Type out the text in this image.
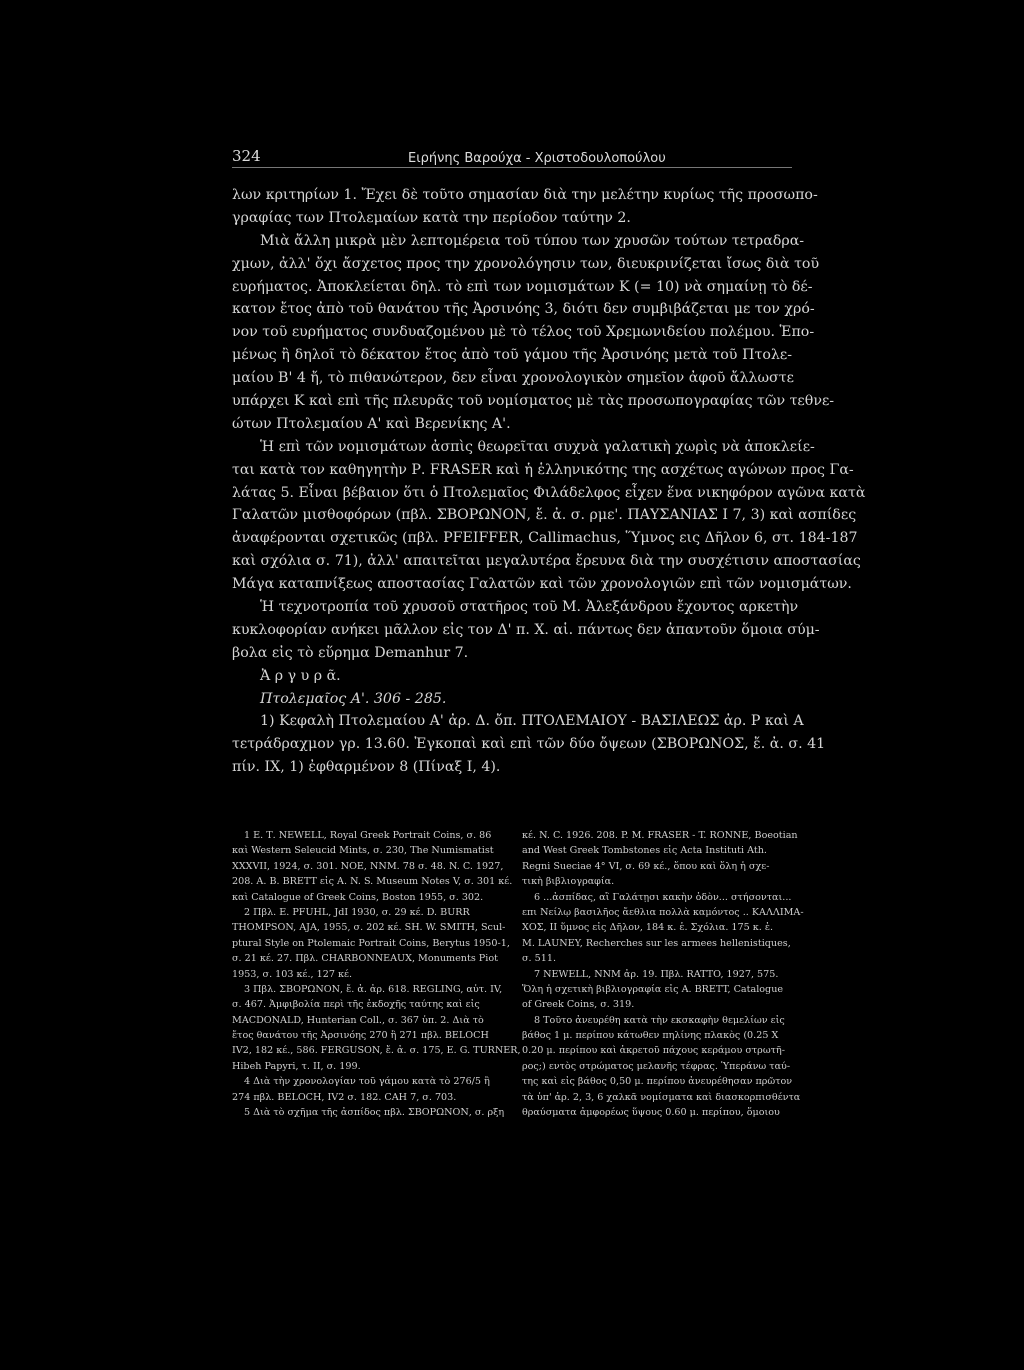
324	Ειρήνης Βαρούχα - Χριστοδουλοπούλου
λων κριτηρίων 1. Ἔχει δὲ τοῦτο σημασίαν διὰ την μελέτην κυρίως τῆς προσωπο-
γραφίας των Πτολεμαίων κατὰ την περίοδον ταύτην 2.
Μιὰ ἄλλη μικρὰ μὲν λεπτομέρεια τοῦ τύπου των χρυσῶν τούτων τετραδρα-
χμων, ἀλλ' ὄχι ἄσχετος προς την χρονολόγησιν των, διευκρινίζεται ἴσως διὰ τοῦ
ευρήματος. Ἀποκλείεται δηλ. τὸ επὶ των νομισμάτων Κ (= 10) νὰ σημαίνῃ τὸ δέ-
κατον ἔτος ἀπὸ τοῦ θανάτου τῆς Ἀρσινόης 3, διότι δεν συμβιβάζεται με τον χρό-
νον τοῦ ευρήματος συνδυαζομένου μὲ τὸ τέλος τοῦ Χρεμωνιδείου πολέμου. Ἑπο-
μένως ἢ δηλοῖ τὸ δέκατον ἔτος ἀπὸ τοῦ γάμου τῆς Ἀρσινόης μετὰ τοῦ Πτολε-
μαίου Β' 4 ἤ, τὸ πιθανώτερον, δεν εἶναι χρονολογικὸν σημεῖον ἀφοῦ ἄλλωστε
υπάρχει Κ καὶ επὶ τῆς πλευρᾶς τοῦ νομίσματος μὲ τὰς προσωπογραφίας τῶν τεθνε-
ώτων Πτολεμαίου Α' καὶ Βερενίκης Α'.
Ἡ επὶ τῶν νομισμάτων ἀσπὶς θεωρεῖται συχνὰ γαλατικὴ χωρὶς νὰ ἀποκλείε-
ται κατὰ τον καθηγητὴν Ρ. FRASER καὶ ἡ ἑλληνικότης της ασχέτως αγώνων προς Γα-
λάτας 5. Εἶναι βέβαιον ὅτι ὁ Πτολεμαῖος Φιλάδελφος εἶχεν ἕνα νικηφόρον αγῶνα κατὰ
Γαλατῶν μισθοφόρων (πβλ. ΣΒΟΡΩΝΟΝ, ἔ. ἀ. σ. ρμε'. ΠΑΥΣΑΝΙΑΣ Ι 7, 3) καὶ ασπίδες
ἀναφέρονται σχετικῶς (πβλ. PFEIFFER, Callimachus, Ὕμνος εις Δῆλον 6, στ. 184-187
καὶ σχόλια σ. 71), ἀλλ' απαιτεῖται μεγαλυτέρα ἔρευνα διὰ την συσχέτισιν αποστασίας
Μάγα καταπνίξεως αποστασίας Γαλατῶν καὶ τῶν χρονολογιῶν επὶ τῶν νομισμάτων.
Ἡ τεχνοτροπία τοῦ χρυσοῦ στατῆρος τοῦ Μ. Ἀλεξάνδρου ἔχοντος αρκετὴν
κυκλοφορίαν ανήκει μᾶλλον εἰς τον Δ' π. Χ. αἱ. πάντως δεν ἀπαντοῦν ὅμοια σύμ-
βολα εἰς τὸ εὕρημα Demanhur 7.
Ἀ ρ γ υ ρ ᾶ.
Πτολεμαῖος Α'. 306 - 285.
1) Κεφαλὴ Πτολεμαίου Α' ἀρ. Δ. ὄπ. ΠΤΟΛΕΜΑΙΟΥ - ΒΑΣΙΛΕΩΣ ἀρ. Ρ καὶ Α
τετράδραχμον γρ. 13.60. Ἐγκοπαὶ καὶ επὶ τῶν δύο ὄψεων (ΣΒΟΡΩΝΟΣ, ἔ. ἀ. σ. 41
πίν. ΙΧ, 1) ἐφθαρμένον 8 (Πίναξ Ι, 4).
1 Ε. Τ. NEWELL, Royal Greek Portrait Coins, σ. 86
καὶ Western Seleucid Mints, σ. 230, The Numismatist
XXXVII, 1924, σ. 301. NOE, NNM. 78 σ. 48. N. C. 1927,
208. A. B. BRETT εἰς A. N. S. Museum Notes V, σ. 301 κέ.
καὶ Catalogue of Greek Coins, Boston 1955, σ. 302.
2 Πβλ. E. PFUHL, JdI 1930, σ. 29 κέ. D. BURR
THOMPSON, AJA, 1955, σ. 202 κέ. SH. W. SMITH, Scul-
ptural Style on Ptolemaic Portrait Coins, Berytus 1950-1,
σ. 21 κέ. 27. Πβλ. CHARBONNEAUX, Monuments Piot
1953, σ. 103 κέ., 127 κέ.
3 Πβλ. ΣΒΟΡΩΝΟΝ, ἔ. ἀ. ἀρ. 618. REGLING, αὐτ. IV,
σ. 467. Ἀμφιβολία περὶ τῆς ἐκδοχῆς ταύτης καὶ εἰς
MACDONALD, Hunterian Coll., σ. 367 ὑπ. 2. Διὰ τὸ
ἔτος θανάτου τῆς Ἀρσινόης 270 ἢ 271 πβλ. BELOCH
IV2, 182 κέ., 586. FERGUSON, ἔ. ἀ. σ. 175, E. G. TURNER,
Hibeh Papyri, τ. II, σ. 199.
4 Διὰ τὴν χρονολογίαν τοῦ γάμου κατὰ τὸ 276/5 ἢ
274 πβλ. BELOCH, IV2 σ. 182. CAH 7, σ. 703.
5 Διὰ τὸ σχῆμα τῆς ἀσπίδος πβλ. ΣΒΟΡΩΝΟΝ, σ. ρξη
κέ. N. C. 1926. 208. P. M. FRASER - T. RONNE, Boeotian
and West Greek Tombstones εἰς Acta Instituti Ath.
Regni Sueciae 4° VI, σ. 69 κέ., ὅπου καὶ ὅλη ἡ σχε-
τικὴ βιβλιογραφία.
6 ...ἀσπίδας, αἳ Γαλάτῃσι κακὴν ὁδὸν... στήσονται...
επι Νείλῳ βασιλῆος ἄεθλια πολλὰ καμόντος .. ΚΑΛΛΙΜΑ-
ΧΟΣ, ΙΙ ὕμνος εἰς Δῆλον, 184 κ. ἑ. Σχόλια. 175 κ. ἑ.
M. LAUNEY, Recherches sur les armees hellenistiques,
σ. 511.
7 NEWELL, NNM ἀρ. 19. Πβλ. RATTO, 1927, 575.
Ὅλη ἡ σχετικὴ βιβλιογραφία εἰς A. BRETT, Catalogue
of Greek Coins, σ. 319.
8 Τοῦτο ἀνευρέθη κατὰ τὴν εκσκαφὴν θεμελίων εἰς
βάθος 1 μ. περίπου κάτωθεν πηλίνης πλακὸς (0.25 X
0.20 μ. περίπου καὶ ἀκρετοῦ πάχους κεράμου στρωτῆ-
ρος;) εντὸς στρώματος μελανῆς τέφρας. Ὑπεράνω ταύ-
της καὶ εἰς βάθος 0,50 μ. περίπου ἀνευρέθησαν πρῶτον
τὰ ὑπ' ἀρ. 2, 3, 6 χαλκᾶ νομίσματα καὶ διασκορπισθέντα
θραύσματα ἀμφορέως ὕψους 0.60 μ. περίπου, ὅμοιου
